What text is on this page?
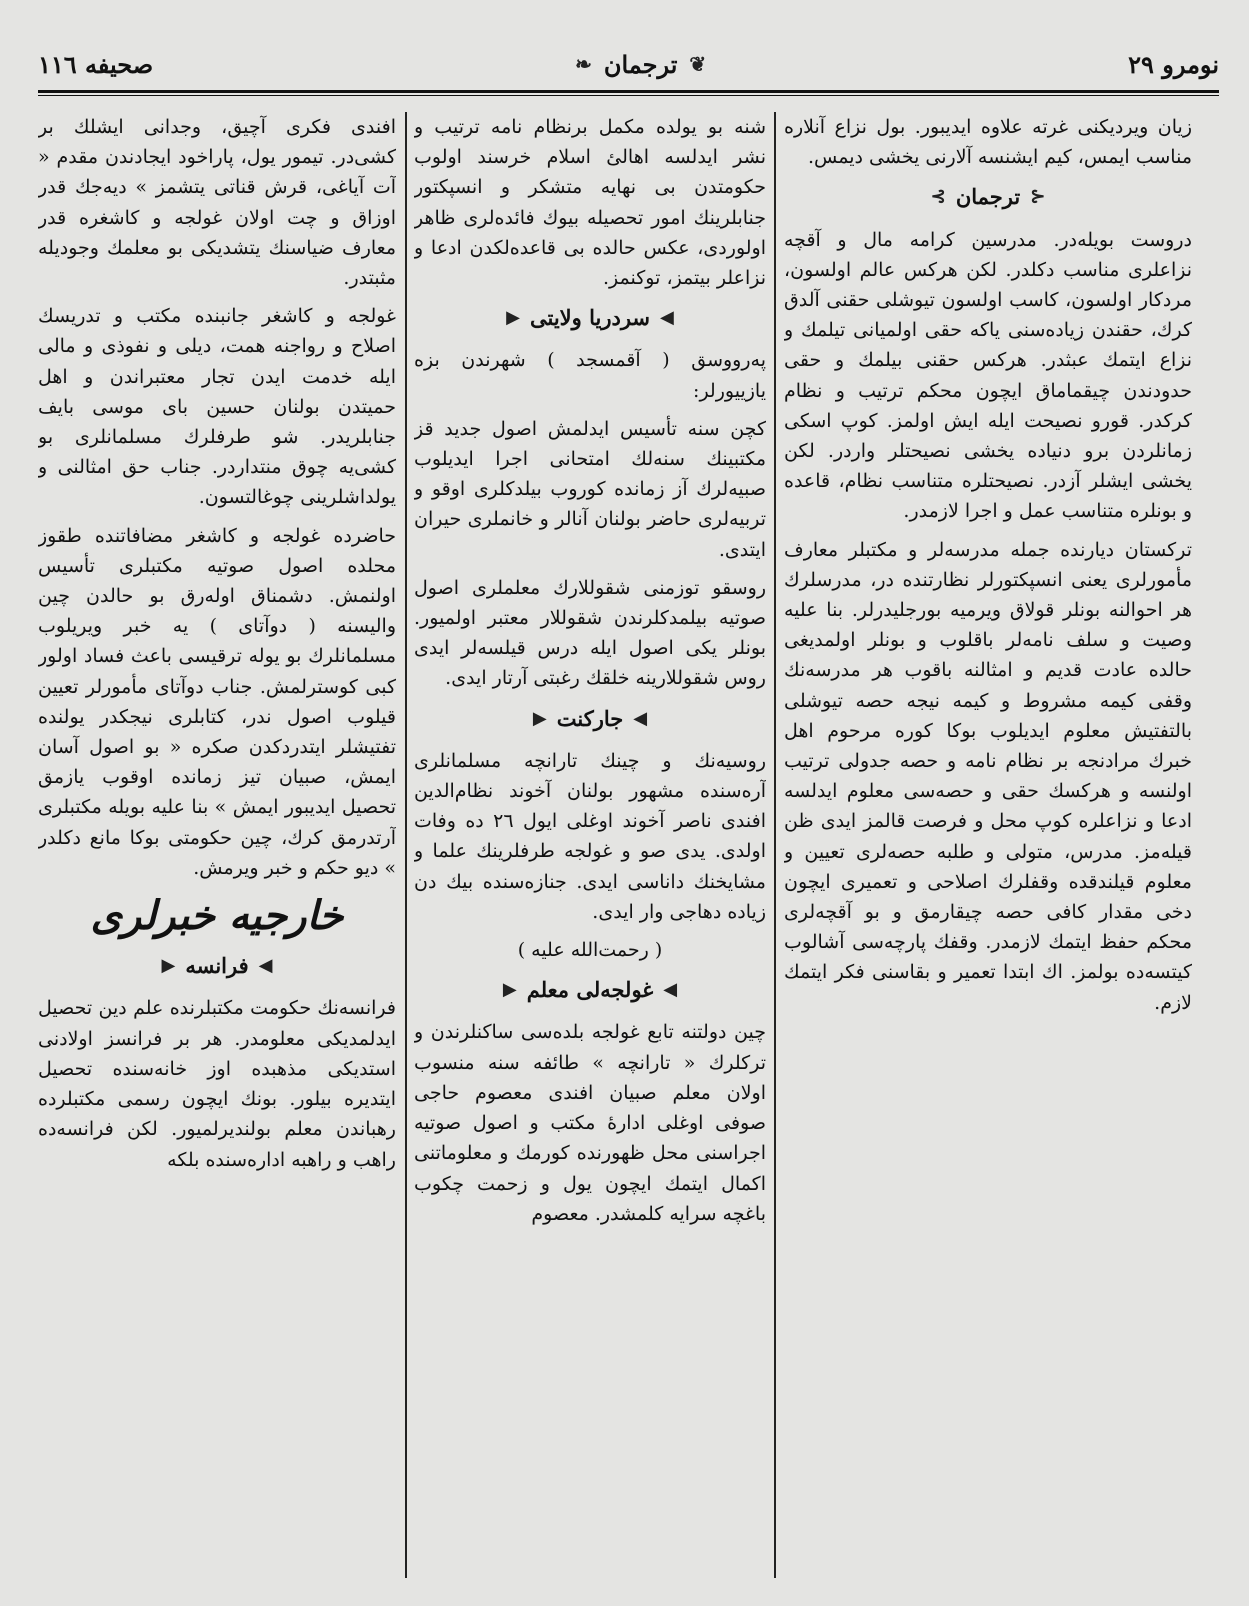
نومرو ۲۹
❦
ترجمان
❧
صحیفه ۱۱٦

زیان ویردیکنی غرته علاوه ایدیبور. بول نزاع آنلاره مناسب ایمس، کیم ایشنسه آلارنی یخشی دیمس.

⊰
ترجمان
⊱

دروست بویله‌در. مدرسین کرامه مال و آقچه نزاعلری مناسب دکلدر. لکن هرکس عالم اولسون، مردکار اولسون، کاسب اولسون تیوشلی حقنی آلدق کرك، حقندن زیاده‌سنی یاکه حقی اولمیانی تیلمك و نزاع ایتمك عبثدر. هرکس حقنی بیلمك و حقی حدودندن چیقماماق ایچون محکم ترتیب و نظام کرکدر. قورو نصیحت ایله ایش اولمز. کوپ اسکی زمانلردن برو دنیاده یخشی نصیحتلر واردر. لکن یخشی ایشلر آزدر. نصیحتلره متناسب نظام، قاعده و بونلره متناسب عمل و اجرا لازمدر.

ترکستان دیارنده جمله مدرسه‌لر و مکتبلر معارف مأمورلری یعنی انسپکتورلر نظارتنده در، مدرسلرك هر احوالنه بونلر قولاق ویرمیه بورجلیدرلر. بنا علیه وصیت و سلف نامه‌لر باقلوب و بونلر اولمدیغی حالده عادت قدیم و امثالنه باقوب هر مدرسه‌نك وقفی کیمه مشروط و کیمه نیجه حصه تیوشلی بالتفتیش معلوم ایدیلوب بوکا کوره مرحوم اهل خبرك مرادنجه بر نظام نامه و حصه جدولی ترتیب اولنسه و هرکسك حقی و حصه‌سی معلوم ایدلسه ادعا و نزاعلره کوپ محل و فرصت قالمز ایدی ظن قیله‌مز. مدرس، متولی و طلبه حصه‌لری تعیین و معلوم قیلندقده وقفلرك اصلاحی و تعمیری ایچون دخی مقدار کافی حصه چیقارمق و بو آقچه‌لری محکم حفظ ایتمك لازمدر. وقفك پارچه‌سی آشالوب کیتسه‌ده بولمز. اك ابتدا تعمیر و بقاسنی فکر ایتمك لازم.

شنه بو یولده مکمل برنظام نامه ترتیب و نشر ایدلسه اهالئ اسلام خرسند اولوب حکومتدن بی نهایه متشکر و انسپکتور جنابلرینك امور تحصیله بیوك فائده‌لری ظاهر اولوردی، عکس حالده بی قاعده‌لکدن ادعا و نزاعلر بیتمز، توکنمز.

◀
سردریا ولایتی
▶

په‌رووسق ( آقمسجد ) شهرندن بزه یازییورلر:

کچن سنه تأسیس ایدلمش اصول جدید قز مکتبینك سنه‌لك امتحانی اجرا ایدیلوب صبیه‌لرك آز زمانده کوروب بیلدکلری اوقو و تربیه‌لری حاضر بولنان آنالر و خانملری حیران ایتدی.

روسقو توزمنی شقوللارك معلملری اصول صوتیه بیلمدکلرندن شقوللار معتبر اولمیور. بونلر یکی اصول ایله درس قیلسه‌لر ایدی روس شقوللارینه خلقك رغبتی آرتار ایدی.

◀
جارکنت
▶

روسیه‌نك و چینك تارانچه مسلمانلری آره‌سنده مشهور بولنان آخوند نظام‌الدین افندی ناصر آخوند اوغلی ایول ۲٦ ده وفات اولدی. یدی صو و غولجه طرفلرینك علما و مشایخنك داناسی ایدی. جنازه‌سنده بیك دن زیاده دهاجی وار ایدی.

( رحمت‌الله علیه )
◀
غولجه‌لی معلم
▶

چین دولتنه تابع غولجه بلده‌سی ساکنلرندن و ترکلرك « تارانچه » طائفه سنه منسوب اولان معلم صبیان افندی معصوم حاجی صوفی اوغلی ادارهٔ مکتب و اصول صوتیه اجراسنی محل ظهورنده کورمك و معلوماتنی اکمال ایتمك ایچون یول و زحمت چکوب باغچه سرایه کلمشدر. معصوم

افندی فکری آچیق، وجدانی ایشلك بر کشی‌در. تیمور یول، پاراخود ایجادندن مقدم « آت آیاغی، قرش قناتی یتشمز » دیه‌جك قدر اوزاق و چت اولان غولجه و کاشغره قدر معارف ضیاسنك یتشدیکی بو معلمك وجودیله مثبتدر.

غولجه و کاشغر جانبنده مکتب و تدریسك اصلاح و رواجنه همت، دیلی و نفوذی و مالی ایله خدمت ایدن تجار معتبراندن و اهل حمیتدن بولنان حسین بای موسی بایف جنابلریدر. شو طرفلرك مسلمانلری بو کشی‌یه چوق منتداردر. جناب حق امثالنی و یولداشلرینی چوغالتسون.

حاضرده غولجه و کاشغر مضافاتنده طقوز محلده اصول صوتیه مکتبلری تأسیس اولنمش. دشمناق اوله‌رق بو حالدن چین والیسنه ( دوآتای ) یه خبر ویریلوب مسلمانلرك بو یوله ترقیسی باعث فساد اولور کبی کوسترلمش. جناب دوآتای مأمورلر تعیین قیلوب اصول ندر، کتابلری نیجکدر یولنده تفتیشلر ایتدردکدن صکره « بو اصول آسان ایمش، صبیان تیز زمانده اوقوب یازمق تحصیل ایدیبور ایمش » بنا علیه بویله مکتبلری آرتدرمق کرك، چین حکومتی بوکا مانع دکلدر » دیو حکم و خبر ویرمش.

خارجیه خبرلری
◀
فرانسه
▶

فرانسه‌نك حکومت مکتبلرنده علم دین تحصیل ایدلمدیکی معلومدر. هر بر فرانسز اولادنی استدیکی مذهبده اوز خانه‌سنده تحصیل ایتدیره بیلور. بونك ایچون رسمی مکتبلرده رهباندن معلم بولندیرلمیور. لکن فرانسه‌ده راهب و راهبه اداره‌سنده بلکه
